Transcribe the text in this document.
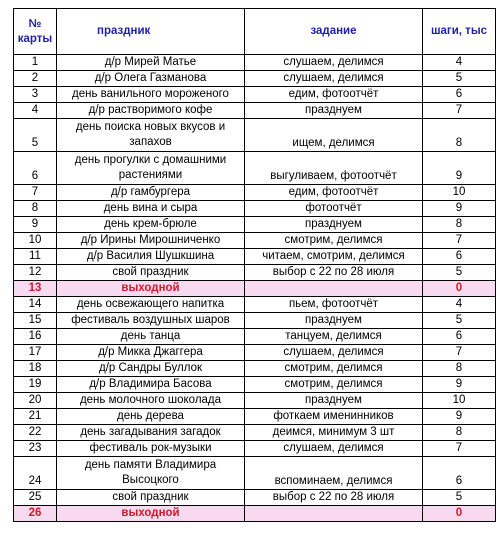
№ карты	праздник	задание	шаги, тыс
1	д/р Мирей Матье	слушаем, делимся	4
2	д/р Олега Газманова	слушаем, делимся	5
3	день ванильного мороженого	едим, фотоотчёт	6
4	д/р растворимого кофе	празднуем	7
5	день поиска новых вкусов и запахов	ищем, делимся	8
6	день прогулки с домашними растениями	выгуливаем, фотоотчёт	9
7	д/р гамбургера	едим, фотоотчёт	10
8	день вина и сыра	фотоотчёт	9
9	день крем-брюле	празднуем	8
10	д/р Ирины Мирошниченко	смотрим, делимся	7
11	д/р Василия Шушкшина	читаем, смотрим, делимся	6
12	свой праздник	выбор с 22 по 28 июля	5
13	выходной		0
14	день освежающего напитка	пьем, фотоотчёт	4
15	фестиваль воздушных шаров	празднуем	5
16	день танца	танцуем, делимся	6
17	д/р Микка Джаггера	слушаем, делимся	7
18	д/р Сандры Буллок	смотрим, делимся	8
19	д/р Владимира Басова	смотрим, делимся	9
20	день молочного шоколада	празднуем	10
21	день дерева	фоткаем именинников	9
22	день загадывания загадок	деимся, минимум 3 шт	8
23	фестиваль рок-музыки	слушаем, делимся	7
24	день памяти Владимира Высоцкого	вспоминаем, делимся	6
25	свой праздник	выбор с 22 по 28 июля	5
26	выходной		0
